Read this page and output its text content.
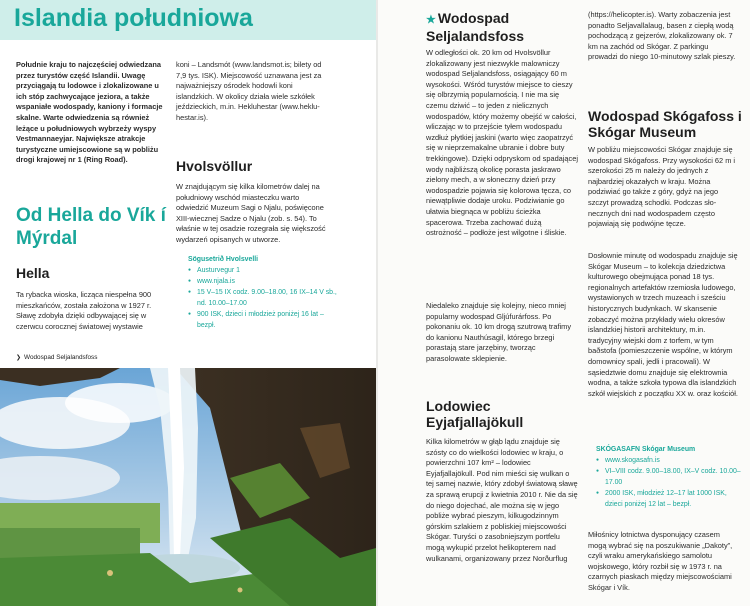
Islandia południowa
Południe kraju to najczęściej odwiedzana przez turystów część Islandii. Uwagę przyciągają tu lodowce i zlokalizowane u ich stóp zachwycające jeziora, a także wspaniałe wodospady, kaniony i formacje skalne. Warte odwiedzenia są również leżące u południowych wybrzeży wyspy Vestmannaeyjar. Największe atrakcje turystyczne umiejscowione są w pobliżu drogi krajowej nr 1 (Ring Road).
koni – Landsmót (www.landsmot.is; bilety od 7,9 tys. ISK). Miejscowość uznawana jest za najważniejszy ośrodek hodowli koni islandzkich. W okolicy działa wiele szkółek jeździeckich, m.in. Hekluhestar (www.hekluhestar.is).
Hvolsvöllur
W znajdującym się kilka kilometrów dalej na południowy wschód miasteczku warto odwiedzić Muzeum Sagi o Njalu, poświęcone XIII-wiecznej Sadze o Njalu (zob. s. 54). To właśnie w tej osadzie rozegrała się większość wydarzeń opisanych w utworze.
Sögusetrið Hvolsvelli
● Austurvegur 1
● www.njala.is
● 15 V–15 IX codz. 9.00–18.00, 16 IX–14 V sb., nd. 10.00–17.00
● 900 ISK, dzieci i młodzież poniżej 16 lat – bezpł.
Od Hella do Vík í Mýrdal
Hella
Ta rybacka wioska, licząca niespełna 900 mieszkańców, została założona w 1927 r. Sławę zdobyła dzięki odbywającej się w czerwcu corocznej światowej wystawie
❯ Wodospad Seljalandsfoss
★ Wodospad Seljalandsfoss
W odległości ok. 20 km od Hvolsvöllur zlokalizowany jest niezwykle malowniczy wodospad Seljalandsfoss, osiągający 60 m wysokości. Wśród turystów miejsce to cieszy się olbrzymią popularnością. I nie ma się czemu dziwić – to jeden z nielicznych wodospadów, który możemy obejść w całości, wliczając w to przejście tyłem wodospadu wzdłuż płytkiej jaskini (warto więc zaopatrzyć się w nieprzemakalne ubranie i dobre buty trekkingowe). Dzięki odpryskom od spadającej wody najbliższą okolicę porasta jaskrawo zielony mech, a w słoneczny dzień przy wodospadzie pojawia się kolorowa tęcza, co niewątpliwie dodaje uroku. Podziwianie go ułatwia biegnąca w pobliżu ścieżka spacerowa. Trzeba zachować dużą ostrożność – podłoże jest wilgotne i śliskie.
Niedaleko znajduje się kolejny, nieco mniej popularny wodospad Gljúfurárfoss. Po pokonaniu ok. 10 km drogą szutrową trafimy do kanionu Nauthúsagil, którego brzegi porastają stare jarzębiny, tworząc parasolowate sklepienie.
Lodowiec Eyjafjallajökull
Kilka kilometrów w głąb lądu znajduje się szósty co do wielkości lodowiec w kraju, o powierzchni 107 km² – lodowiec Eyjafjallajökull. Pod nim mieści się wulkan o tej samej nazwie, który zdobył światową sławę za sprawą erupcji z kwietnia 2010 r. Nie da się do niego dojechać, ale można się w jego pobliże wybrać pieszym, kilkugodzinnym górskim szlakiem z pobliskiej miejscowości Skógar. Turyści o zasobniejszym portfelu mogą wykupić przelot helikopterem nad wulkanami, organizowany przez Norðurflug
(https://helicopter.is). Warty zobaczenia jest ponadto Seljavallalaug, basen z ciepłą wodą pochodzącą z gejzerów, zlokalizowany ok. 7 km na zachód od Skógar. Z parkingu prowadzi do niego 10-minutowy szlak pieszy.
Wodospad Skógafoss i Skógar Museum
W pobliżu miejscowości Skógar znajduje się wodospad Skógafoss. Przy wysokości 62 m i szerokości 25 m należy do jednych z najbardziej okazałych w kraju. Można podziwiać go także z góry, gdyż na jego szczyt prowadzą schodki. Podczas słonecznych dni nad wodospadem często pojawiają się podwójne tęcze.
Dosłownie minutę od wodospadu znajduje się Skógar Museum – to kolekcja dziedzictwa kulturowego obejmująca ponad 18 tys. regionalnych artefaktów rzemiosła ludowego, wystawionych w trzech muzeach i sześciu historycznych budynkach. W skansenie zobaczyć można przykłady wielu okresów islandzkiej historii architektury, m.in. tradycyjny wiejski dom z torfem, w tym baðstofa (pomieszczenie wspólne, w którym domownicy spali, jedli i pracowali). W sąsiedztwie domu znajduje się elektrownia wodna, a także szkoła typowa dla islandzkich szkół wiejskich z początku XX w. oraz kościół.
SKÓGASAFN Skógar Museum
● www.skogasafn.is
● VI–VIII codz. 9.00–18.00, IX–V codz. 10.00–17.00
● 2000 ISK, młodzież 12–17 lat 1000 ISK, dzieci poniżej 12 lat – bezpł.
Miłośnicy lotnictwa dysponujący czasem mogą wybrać się na poszukiwanie „Dakoty”, czyli wraku amerykańskiego samolotu wojskowego, który rozbił się w 1973 r. na czarnych piaskach między miejscowościami Skógar i Vík.
